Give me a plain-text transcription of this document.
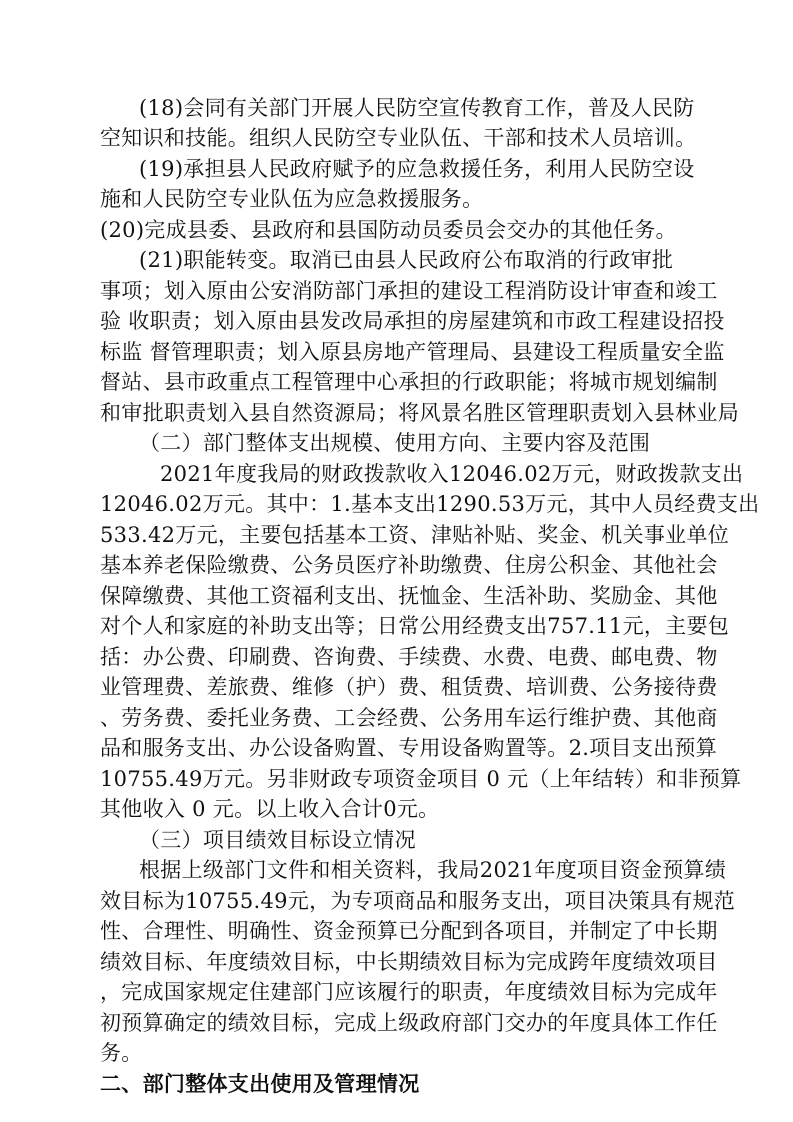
(18)会同有关部门开展人民防空宣传教育工作，普及人民防
空知识和技能。组织人民防空专业队伍、干部和技术人员培训。
(19)承担县人民政府赋予的应急救援任务，利用人民防空设
施和人民防空专业队伍为应急救援服务。
(20)完成县委、县政府和县国防动员委员会交办的其他任务。
(21)职能转变。取消已由县人民政府公布取消的行政审批
事项；划入原由公安消防部门承担的建设工程消防设计审查和竣工
验 收职责；划入原由县发改局承担的房屋建筑和市政工程建设招投
标监 督管理职责；划入原县房地产管理局、县建设工程质量安全监
督站、县市政重点工程管理中心承担的行政职能；将城市规划编制
和审批职责划入县自然资源局；将风景名胜区管理职责划入县林业局
（二）部门整体支出规模、使用方向、主要内容及范围
2021年度我局的财政拨款收入12046.02万元，财政拨款支出
12046.02万元。其中：1.基本支出1290.53万元，其中人员经费支出
533.42万元，主要包括基本工资、津贴补贴、奖金、机关事业单位
基本养老保险缴费、公务员医疗补助缴费、住房公积金、其他社会
保障缴费、其他工资福利支出、抚恤金、生活补助、奖励金、其他
对个人和家庭的补助支出等；日常公用经费支出757.11元，主要包
括：办公费、印刷费、咨询费、手续费、水费、电费、邮电费、物
业管理费、差旅费、维修（护）费、租赁费、培训费、公务接待费
、劳务费、委托业务费、工会经费、公务用车运行维护费、其他商
品和服务支出、办公设备购置、专用设备购置等。2.项目支出预算
10755.49万元。另非财政专项资金项目 0 元（上年结转）和非预算
其他收入 0 元。以上收入合计0元。
（三）项目绩效目标设立情况
根据上级部门文件和相关资料，我局2021年度项目资金预算绩
效目标为10755.49元，为专项商品和服务支出，项目决策具有规范
性、合理性、明确性、资金预算已分配到各项目，并制定了中长期
绩效目标、年度绩效目标，中长期绩效目标为完成跨年度绩效项目
，完成国家规定住建部门应该履行的职责，年度绩效目标为完成年
初预算确定的绩效目标，完成上级政府部门交办的年度具体工作任
务。
二、部门整体支出使用及管理情况
